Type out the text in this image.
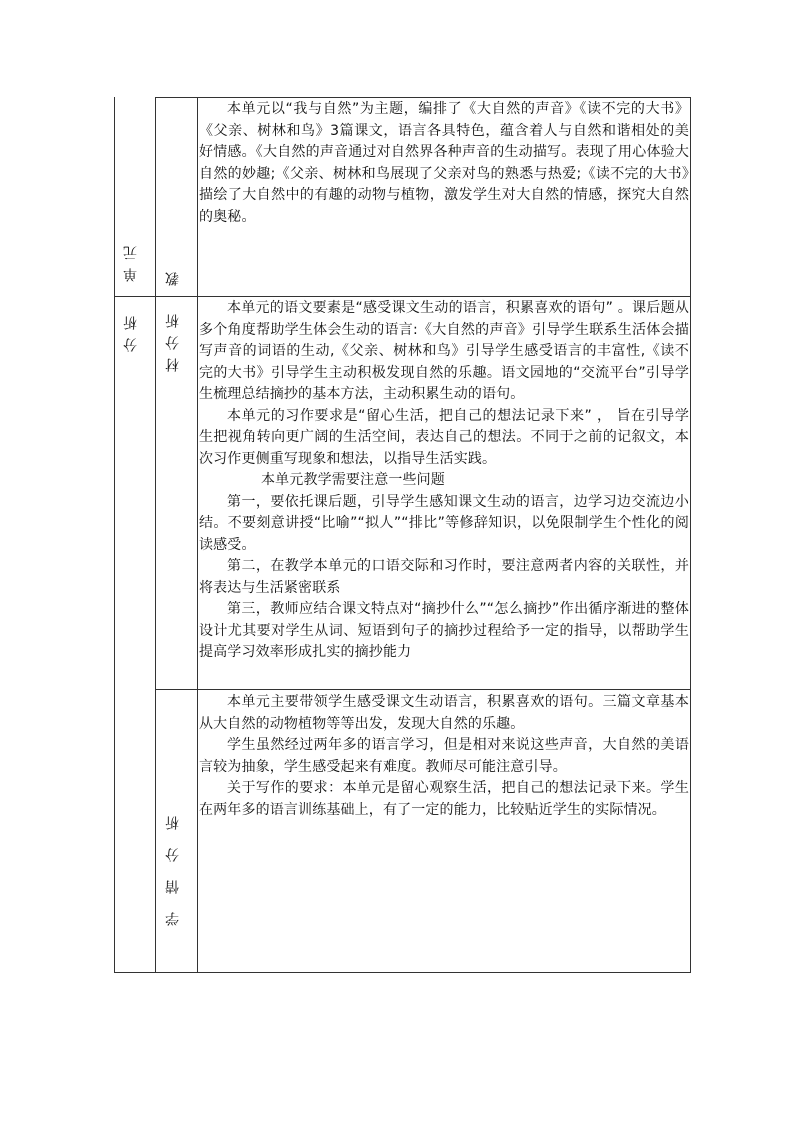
单元
分析
教
材分析
学情分析

本单元以“我与自然”为主题，编排了《大自然的声音》《读不完的大书》《父亲、树林和鸟》3篇课文，语言各具特色，蕴含着人与自然和谐相处的美好情感。《大自然的声音通过对自然界各种声音的生动描写。表现了用心体验大自然的妙趣;《父亲、树林和鸟展现了父亲对鸟的熟悉与热爱;《读不完的大书》描绘了大自然中的有趣的动物与植物，激发学生对大自然的情感，探究大自然的奥秘。

本单元的语文要素是“感受课文生动的语言，积累喜欢的语句” 。课后题从多个角度帮助学生体会生动的语言:《大自然的声音》引导学生联系生活体会描写声音的词语的生动,《父亲、树林和鸟》引导学生感受语言的丰富性,《读不完的大书》引导学生主动积极发现自然的乐趣。语文园地的“交流平台”引导学生梳理总结摘抄的基本方法，主动积累生动的语句。

本单元的习作要求是“留心生活，把自己的想法记录下来” ， 旨在引导学生把视角转向更广阔的生活空间，表达自己的想法。不同于之前的记叙文，本次习作更侧重写现象和想法，以指导生活实践。

本单元教学需要注意一些问题

第一，要依托课后题，引导学生感知课文生动的语言，边学习边交流边小结。不要刻意讲授“比喻”“拟人”“排比”等修辞知识，以免限制学生个性化的阅读感受。

第二，在教学本单元的口语交际和习作时，要注意两者内容的关联性，并将表达与生活紧密联系

第三，教师应结合课文特点对“摘抄什么”“怎么摘抄”作出循序渐进的整体设计尤其要对学生从词、短语到句子的摘抄过程给予一定的指导，以帮助学生提高学习效率形成扎实的摘抄能力

本单元主要带领学生感受课文生动语言，积累喜欢的语句。三篇文章基本从大自然的动物植物等等出发，发现大自然的乐趣。

学生虽然经过两年多的语言学习，但是相对来说这些声音，大自然的美语言较为抽象，学生感受起来有难度。教师尽可能注意引导。

关于写作的要求：本单元是留心观察生活，把自己的想法记录下来。学生在两年多的语言训练基础上，有了一定的能力，比较贴近学生的实际情况。
